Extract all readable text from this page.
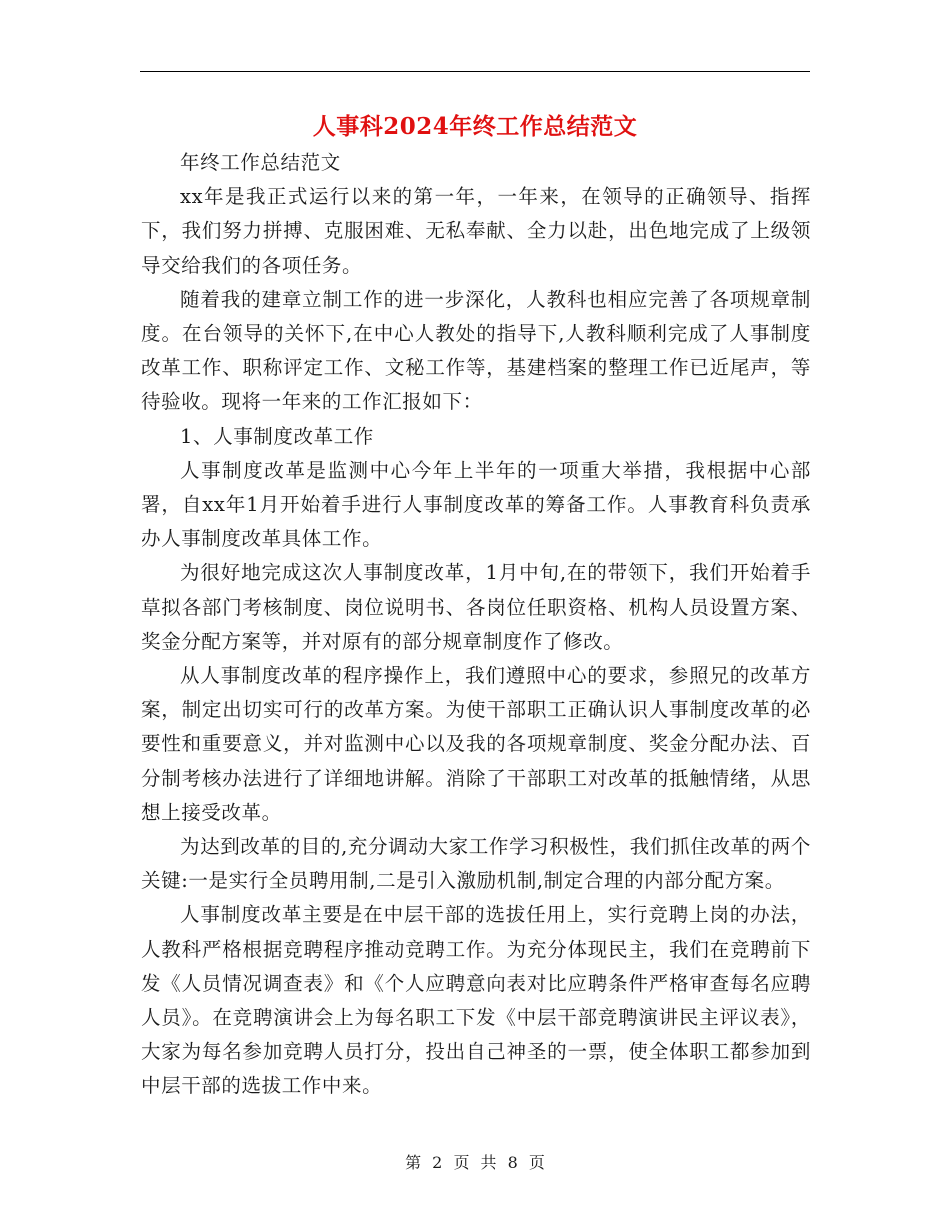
人事科2024年终工作总结范文

年终工作总结范文

xx年是我正式运行以来的第一年，一年来，在领导的正确领导、指挥下，我们努力拼搏、克服困难、无私奉献、全力以赴，出色地完成了上级领导交给我们的各项任务。

随着我的建章立制工作的进一步深化，人教科也相应完善了各项规章制度。在台领导的关怀下,在中心人教处的指导下,人教科顺利完成了人事制度改革工作、职称评定工作、文秘工作等，基建档案的整理工作已近尾声，等待验收。现将一年来的工作汇报如下：

1、人事制度改革工作

人事制度改革是监测中心今年上半年的一项重大举措，我根据中心部署，自xx年1月开始着手进行人事制度改革的筹备工作。人事教育科负责承办人事制度改革具体工作。

为很好地完成这次人事制度改革，1月中旬,在的带领下，我们开始着手草拟各部门考核制度、岗位说明书、各岗位任职资格、机构人员设置方案、奖金分配方案等，并对原有的部分规章制度作了修改。

从人事制度改革的程序操作上，我们遵照中心的要求，参照兄的改革方案，制定出切实可行的改革方案。为使干部职工正确认识人事制度改革的必要性和重要意义，并对监测中心以及我的各项规章制度、奖金分配办法、百分制考核办法进行了详细地讲解。消除了干部职工对改革的抵触情绪，从思想上接受改革。

为达到改革的目的,充分调动大家工作学习积极性，我们抓住改革的两个关键:一是实行全员聘用制,二是引入激励机制,制定合理的内部分配方案。

人事制度改革主要是在中层干部的选拔任用上，实行竞聘上岗的办法，人教科严格根据竞聘程序推动竞聘工作。为充分体现民主，我们在竞聘前下发《人员情况调查表》和《个人应聘意向表对比应聘条件严格审查每名应聘人员》。在竞聘演讲会上为每名职工下发《中层干部竞聘演讲民主评议表》，大家为每名参加竞聘人员打分，投出自己神圣的一票，使全体职工都参加到中层干部的选拔工作中来。

第 2 页 共 8 页
